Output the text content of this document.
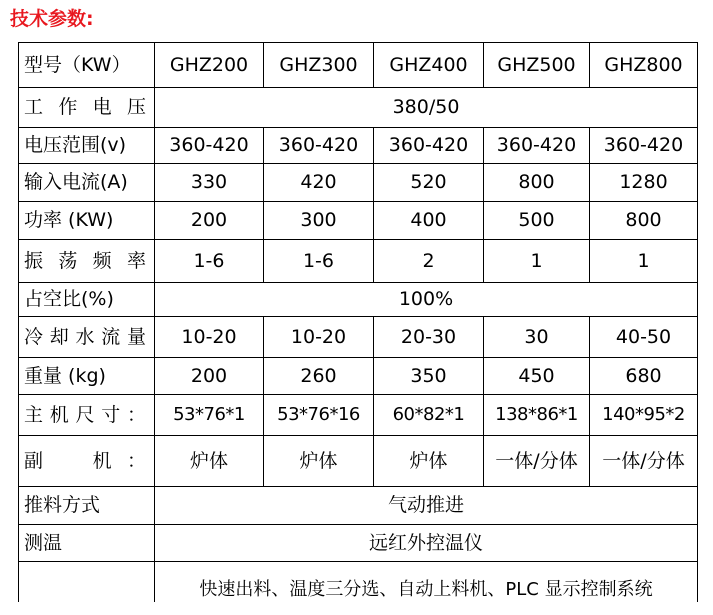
技术参数:
型号（KW）	GHZ200	GHZ300	GHZ400	GHZ500	GHZ800
工作电压	380/50				
电压范围(v)	360-420	360-420	360-420	360-420	360-420
输入电流(A)	330	420	520	800	1280
功率 (KW)	200	300	400	500	800
振荡频率	1-6	1-6	2	1	1
占空比(%)	100%				
冷却水流量	10-20	10-20	20-30	30	40-50
重量 (kg)	200	260	350	450	680
主机尺寸：	53*76*1	53*76*16	60*82*1	138*86*1	140*95*2
副　机：	炉体	炉体	炉体	一体/分体	一体/分体
推料方式	气动推进				
测温	远红外控温仪				
	快速出料、温度三分选、自动上料机、PLC 显示控制系统				
